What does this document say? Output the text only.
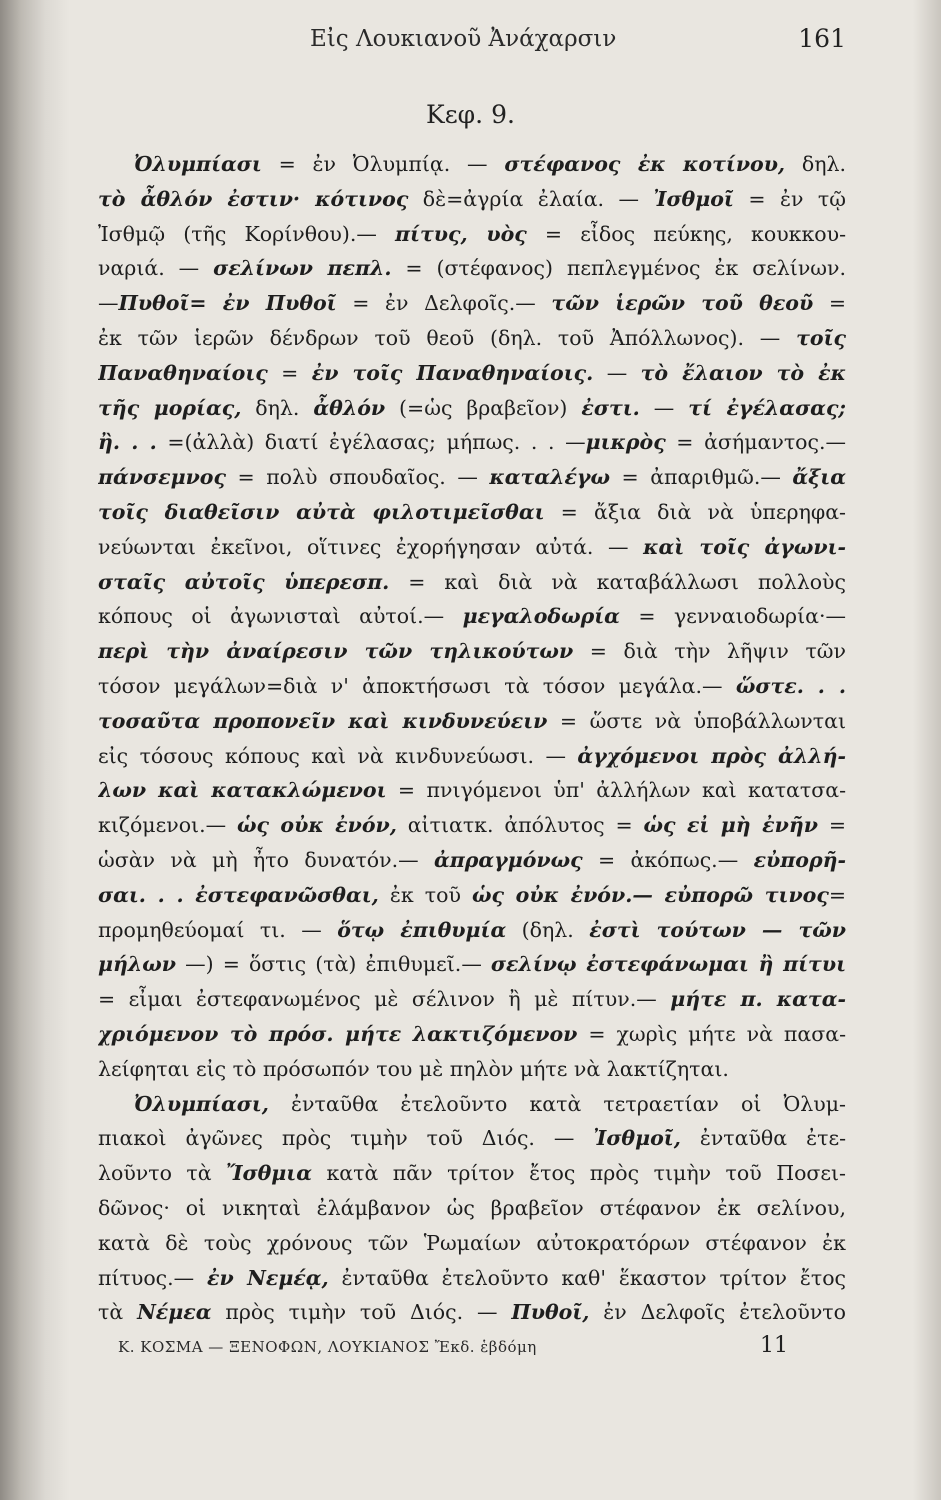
Εἰς Λουκιανοῦ Ἀνάχαρσιν	161
Κεφ. 9.
Ὀλυμπίασι = ἐν Ὀλυμπίᾳ. — στέφανος ἐκ κοτίνου, δηλ.
τὸ ἆθλόν ἐστιν· κότινος δὲ=ἀγρία ἐλαία. — Ἰσθμοῖ = ἐν τῷ
Ἰσθμῷ (τῆς Κορίνθου).— πίτυς, υὸς = εἶδος πεύκης, κουκκου-
ναριά. — σελίνων πεπλ. = (στέφανος) πεπλεγμένος ἐκ σελίνων.
—Πυθοῖ= ἐν Πυθοῖ = ἐν Δελφοῖς.— τῶν ἱερῶν τοῦ θεοῦ =
ἐκ τῶν ἱερῶν δένδρων τοῦ θεοῦ (δηλ. τοῦ Ἀπόλλωνος). — τοῖς
Παναθηναίοις = ἐν τοῖς Παναθηναίοις. — τὸ ἔλαιον τὸ ἐκ
τῆς μορίας, δηλ. ἆθλόν (=ὡς βραβεῖον) ἐστι. — τί ἐγέλασας;
ἢ. . . =(ἀλλὰ) διατί ἐγέλασας; μήπως. . . —μικρὸς = ἀσήμαντος.—
πάνσεμνος = πολὺ σπουδαῖος. — καταλέγω = ἀπαριθμῶ.— ἄξια
τοῖς διαθεῖσιν αὐτὰ φιλοτιμεῖσθαι = ἄξια διὰ νὰ ὑπερηφα-
νεύωνται ἐκεῖνοι, οἵτινες ἐχορήγησαν αὐτά. — καὶ τοῖς ἀγωνι-
σταῖς αὐτοῖς ὑπερεσπ. = καὶ διὰ νὰ καταβάλλωσι πολλοὺς
κόπους οἱ ἀγωνισταὶ αὐτοί.— μεγαλοδωρία = γενναιοδωρία·—
περὶ τὴν ἀναίρεσιν τῶν τηλικούτων = διὰ τὴν λῆψιν τῶν
τόσον μεγάλων=διὰ ν' ἀποκτήσωσι τὰ τόσον μεγάλα.— ὥστε. . .
τοσαῦτα προπονεῖν καὶ κινδυνεύειν = ὥστε νὰ ὑποβάλλωνται
εἰς τόσους κόπους καὶ νὰ κινδυνεύωσι. — ἀγχόμενοι πρὸς ἀλλή-
λων καὶ κατακλώμενοι = πνιγόμενοι ὑπ' ἀλλήλων καὶ κατατσα-
κιζόμενοι.— ὡς οὐκ ἐνόν, αἰτιατκ. ἀπόλυτος = ὡς εἰ μὴ ἐνῆν =
ὡσὰν νὰ μὴ ἦτο δυνατόν.— ἀπραγμόνως = ἀκόπως.— εὐπορῆ-
σαι. . . ἐστεφανῶσθαι, ἐκ τοῦ ὡς οὐκ ἐνόν.— εὐπορῶ τινος=
προμηθεύομαί τι. — ὅτῳ ἐπιθυμία (δηλ. ἐστὶ τούτων — τῶν
μήλων —) = ὅστις (τὰ) ἐπιθυμεῖ.— σελίνῳ ἐστεφάνωμαι ἢ πίτυι
= εἶμαι ἐστεφανωμένος μὲ σέλινον ἢ μὲ πίτυν.— μήτε π. κατα-
χριόμενον τὸ πρόσ. μήτε λακτιζόμενον = χωρὶς μήτε νὰ πασα-
λείφηται εἰς τὸ πρόσωπόν του μὲ πηλὸν μήτε νὰ λακτίζηται.
Ὀλυμπίασι, ἐνταῦθα ἐτελοῦντο κατὰ τετραετίαν οἱ Ὀλυμ-
πιακοὶ ἀγῶνες πρὸς τιμὴν τοῦ Διός. — Ἰσθμοῖ, ἐνταῦθα ἐτε-
λοῦντο τὰ Ἴσθμια κατὰ πᾶν τρίτον ἔτος πρὸς τιμὴν τοῦ Ποσει-
δῶνος· οἱ νικηταὶ ἐλάμβανον ὡς βραβεῖον στέφανον ἐκ σελίνου,
κατὰ δὲ τοὺς χρόνους τῶν Ῥωμαίων αὐτοκρατόρων στέφανον ἐκ
πίτυος.— ἐν Νεμέᾳ, ἐνταῦθα ἐτελοῦντο καθ' ἕκαστον τρίτον ἔτος
τὰ Νέμεα πρὸς τιμὴν τοῦ Διός. — Πυθοῖ, ἐν Δελφοῖς ἐτελοῦντο
Κ. ΚΟΣΜΑ — ΞΕΝΟΦΩΝ, ΛΟΥΚΙΑΝΟΣ Ἔκδ. ἑβδόμη	11
